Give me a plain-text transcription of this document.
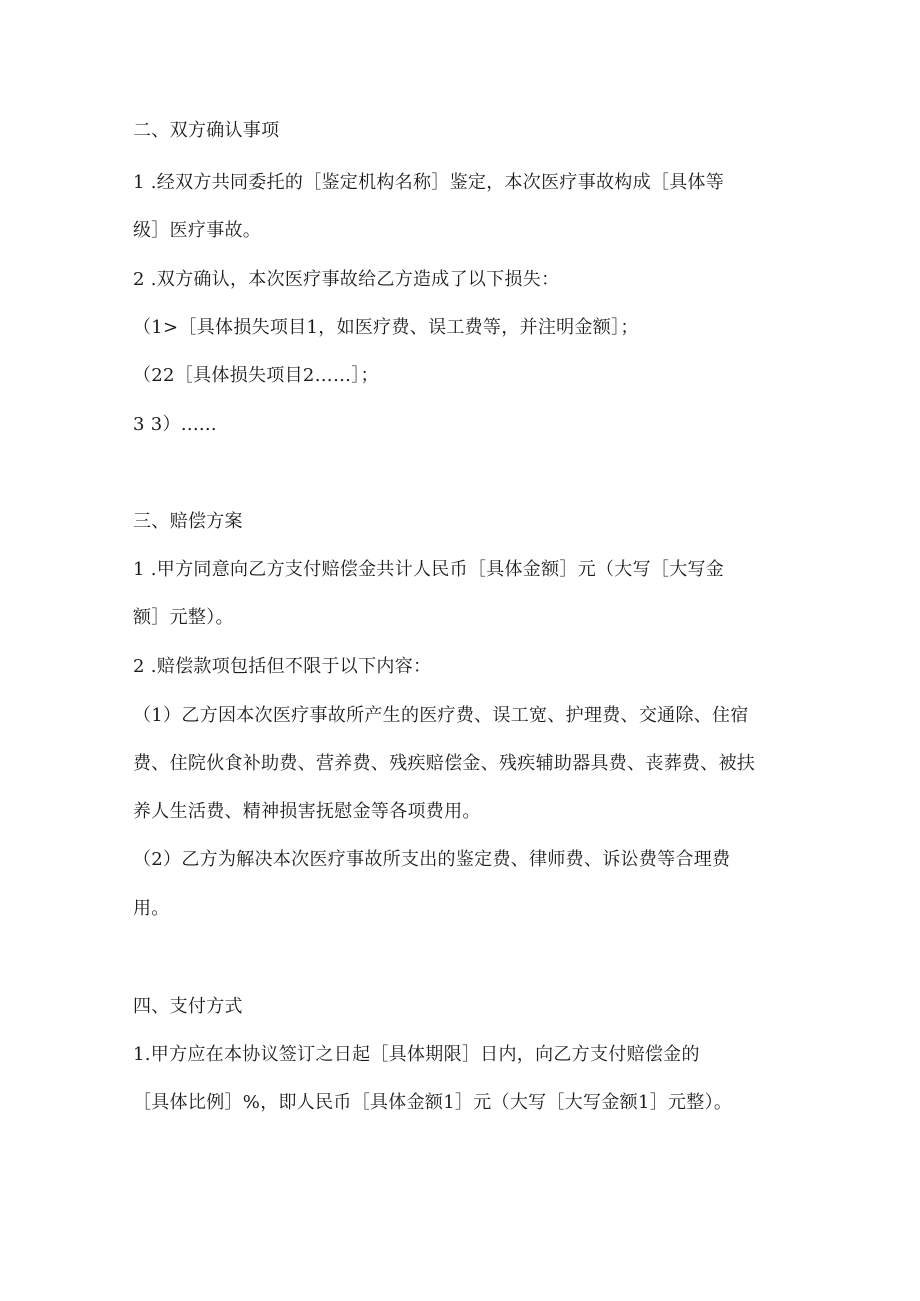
二、双方确认事项
1 .经双方共同委托的［鉴定机构名称］鉴定，本次医疗事故构成［具体等
级］医疗事故。
2 .双方确认，本次医疗事故给乙方造成了以下损失：
（1>［具体损失项目1，如医疗费、误工费等，并注明金额］；
（22［具体损失项目2……］；
3 3）......
三、赔偿方案
1 .甲方同意向乙方支付赔偿金共计人民币［具体金额］元（大写［大写金
额］元整）。
2 .赔偿款项包括但不限于以下内容：
（1）乙方因本次医疗事故所产生的医疗费、误工宽、护理费、交通除、住宿
费、住院伙食补助费、营养费、残疾赔偿金、残疾辅助器具费、丧葬费、被扶
养人生活费、精神损害抚慰金等各项费用。
（2）乙方为解决本次医疗事故所支出的鉴定费、律师费、诉讼费等合理费
用。
四、支付方式
1.甲方应在本协议签订之日起［具体期限］日内，向乙方支付赔偿金的
［具体比例］%，即人民币［具体金额1］元（大写［大写金额1］元整）。
